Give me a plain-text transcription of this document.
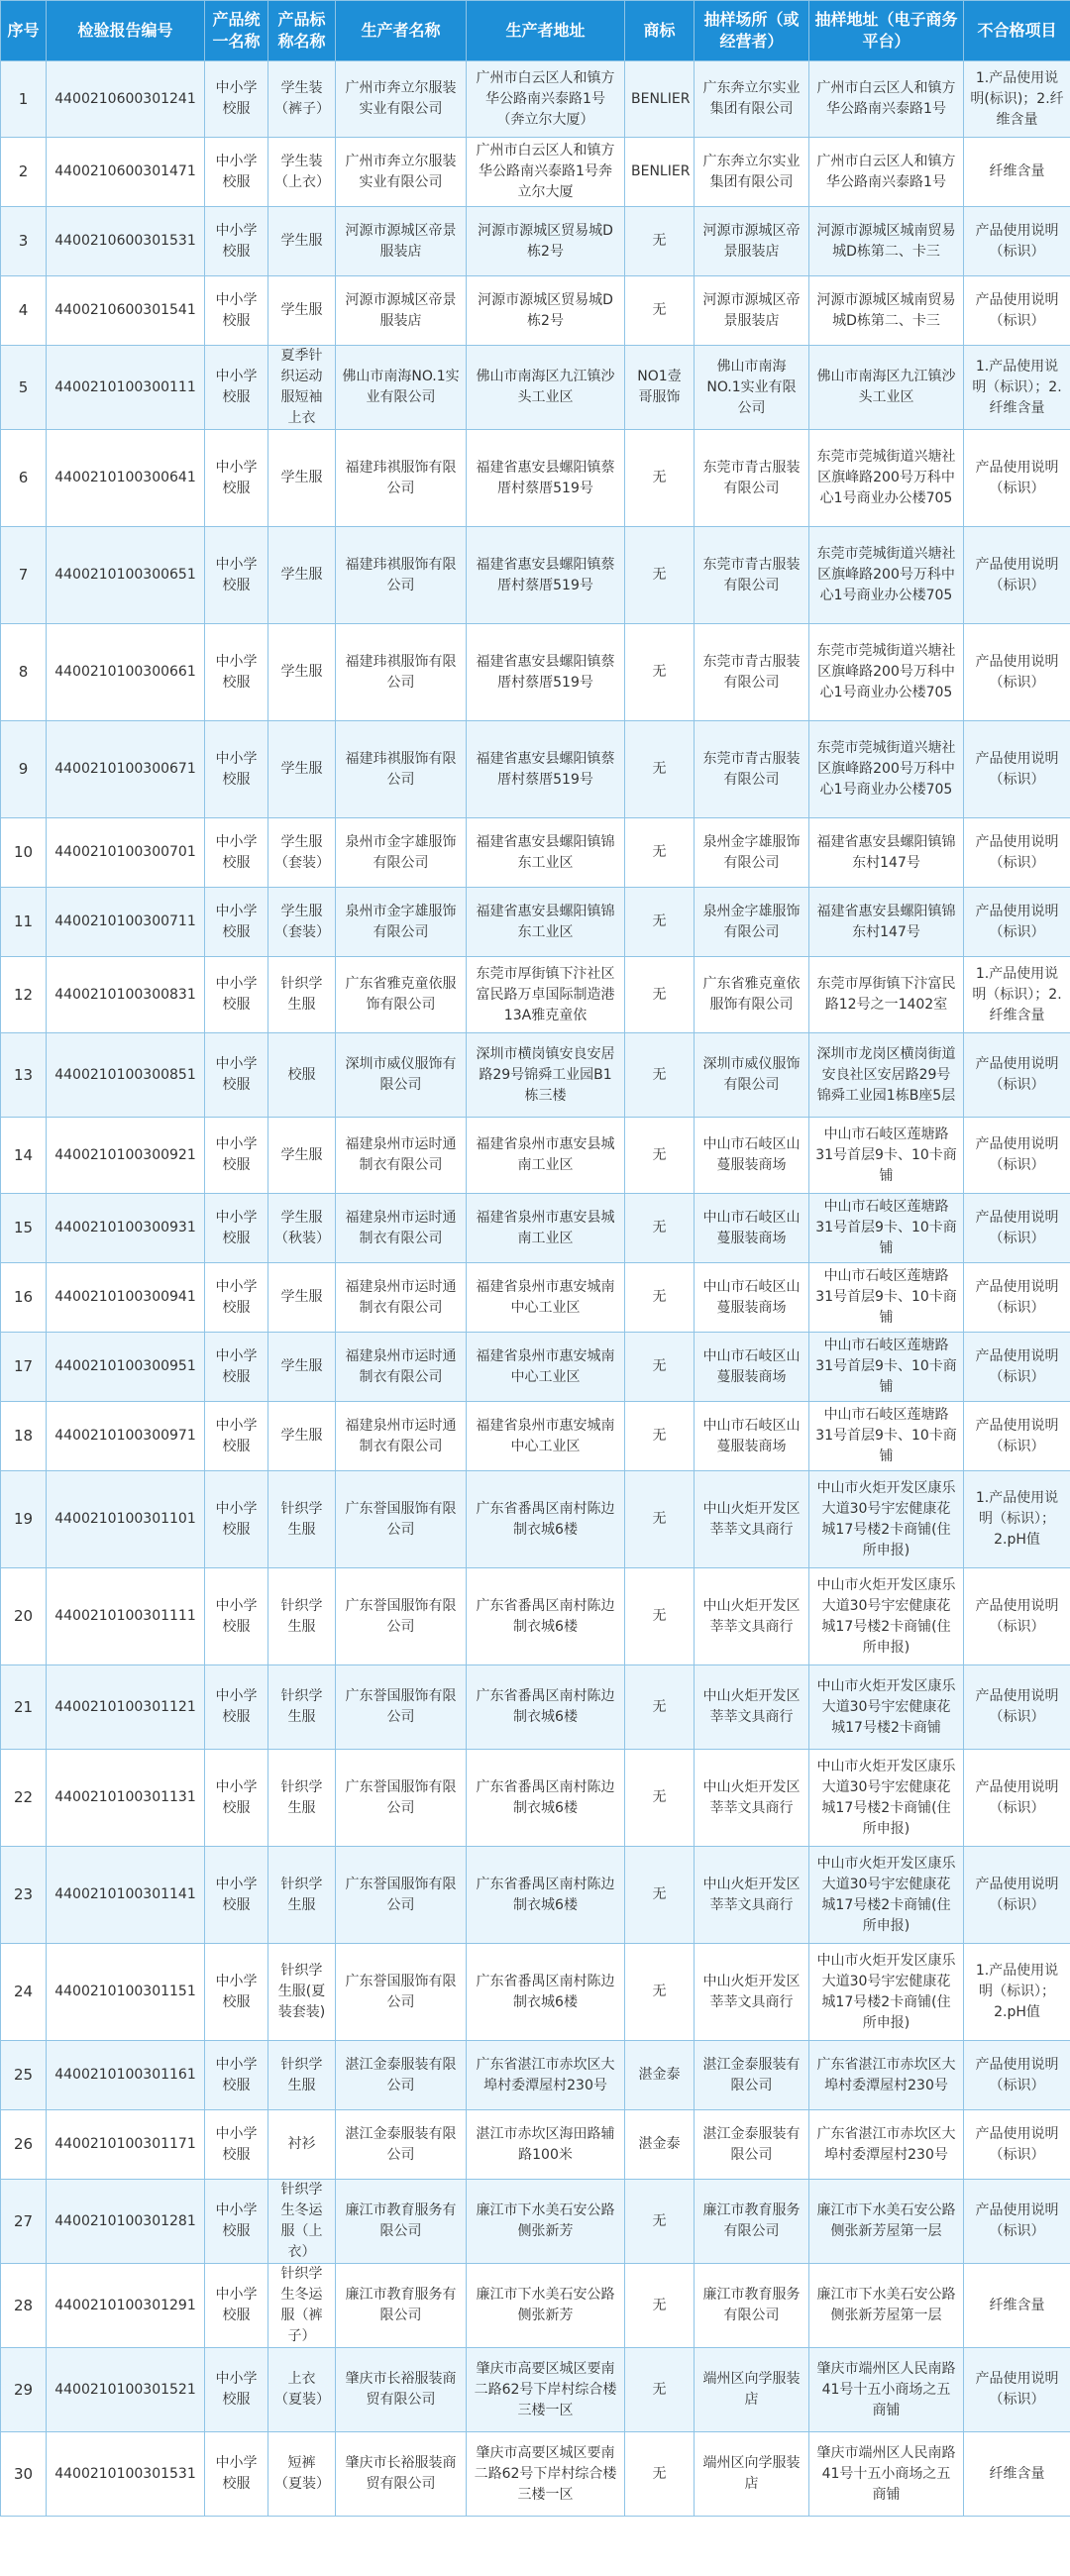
序号	检验报告编号	产品统一名称	产品标称名称	生产者名称	生产者地址	商标	抽样场所（或经营者）	抽样地址（电子商务平台）	不合格项目
1	4400210600301241	中小学校服	学生装（裤子）	广州市奔立尔服装实业有限公司	广州市白云区人和镇方华公路南兴泰路1号（奔立尔大厦）	BENLIER	广东奔立尔实业集团有限公司	广州市白云区人和镇方华公路南兴泰路1号	1.产品使用说明(标识)；2.纤维含量
2	4400210600301471	中小学校服	学生装（上衣）	广州市奔立尔服装实业有限公司	广州市白云区人和镇方华公路南兴泰路1号奔立尔大厦	BENLIER	广东奔立尔实业集团有限公司	广州市白云区人和镇方华公路南兴泰路1号	纤维含量
3	4400210600301531	中小学校服	学生服	河源市源城区帝景服装店	河源市源城区贸易城D栋2号	无	河源市源城区帝景服装店	河源市源城区城南贸易城D栋第二、卡三	产品使用说明（标识）
4	4400210600301541	中小学校服	学生服	河源市源城区帝景服装店	河源市源城区贸易城D栋2号	无	河源市源城区帝景服装店	河源市源城区城南贸易城D栋第二、卡三	产品使用说明（标识）
5	4400210100300111	中小学校服	夏季针织运动服短袖上衣	佛山市南海NO.1实业有限公司	佛山市南海区九江镇沙头工业区	NO1壹哥服饰	佛山市南海NO.1实业有限公司	佛山市南海区九江镇沙头工业区	1.产品使用说明（标识）；2.纤维含量
6	4400210100300641	中小学校服	学生服	福建玮祺服饰有限公司	福建省惠安县螺阳镇蔡厝村蔡厝519号	无	东莞市青古服装有限公司	东莞市莞城街道兴塘社区旗峰路200号万科中心1号商业办公楼705	产品使用说明（标识）
7	4400210100300651	中小学校服	学生服	福建玮祺服饰有限公司	福建省惠安县螺阳镇蔡厝村蔡厝519号	无	东莞市青古服装有限公司	东莞市莞城街道兴塘社区旗峰路200号万科中心1号商业办公楼705	产品使用说明（标识）
8	4400210100300661	中小学校服	学生服	福建玮祺服饰有限公司	福建省惠安县螺阳镇蔡厝村蔡厝519号	无	东莞市青古服装有限公司	东莞市莞城街道兴塘社区旗峰路200号万科中心1号商业办公楼705	产品使用说明（标识）
9	4400210100300671	中小学校服	学生服	福建玮祺服饰有限公司	福建省惠安县螺阳镇蔡厝村蔡厝519号	无	东莞市青古服装有限公司	东莞市莞城街道兴塘社区旗峰路200号万科中心1号商业办公楼705	产品使用说明（标识）
10	4400210100300701	中小学校服	学生服（套装）	泉州市金字雄服饰有限公司	福建省惠安县螺阳镇锦东工业区	无	泉州金字雄服饰有限公司	福建省惠安县螺阳镇锦东村147号	产品使用说明（标识）
11	4400210100300711	中小学校服	学生服（套装）	泉州市金字雄服饰有限公司	福建省惠安县螺阳镇锦东工业区	无	泉州金字雄服饰有限公司	福建省惠安县螺阳镇锦东村147号	产品使用说明（标识）
12	4400210100300831	中小学校服	针织学生服	广东省雅克童依服饰有限公司	东莞市厚街镇下汴社区富民路万卓国际制造港13A雅克童依	无	广东省雅克童依服饰有限公司	东莞市厚街镇下汴富民路12号之一1402室	1.产品使用说明（标识）；2.纤维含量
13	4400210100300851	中小学校服	校服	深圳市威仪服饰有限公司	深圳市横岗镇安良安居路29号锦舜工业园B1栋三楼	无	深圳市威仪服饰有限公司	深圳市龙岗区横岗街道安良社区安居路29号锦舜工业园1栋B座5层	产品使用说明（标识）
14	4400210100300921	中小学校服	学生服	福建泉州市运时通制衣有限公司	福建省泉州市惠安县城南工业区	无	中山市石岐区山蔓服装商场	中山市石岐区莲塘路31号首层9卡、10卡商铺	产品使用说明（标识）
15	4400210100300931	中小学校服	学生服（秋装）	福建泉州市运时通制衣有限公司	福建省泉州市惠安县城南工业区	无	中山市石岐区山蔓服装商场	中山市石岐区莲塘路31号首层9卡、10卡商铺	产品使用说明（标识）
16	4400210100300941	中小学校服	学生服	福建泉州市运时通制衣有限公司	福建省泉州市惠安城南中心工业区	无	中山市石岐区山蔓服装商场	中山市石岐区莲塘路31号首层9卡、10卡商铺	产品使用说明（标识）
17	4400210100300951	中小学校服	学生服	福建泉州市运时通制衣有限公司	福建省泉州市惠安城南中心工业区	无	中山市石岐区山蔓服装商场	中山市石岐区莲塘路31号首层9卡、10卡商铺	产品使用说明（标识）
18	4400210100300971	中小学校服	学生服	福建泉州市运时通制衣有限公司	福建省泉州市惠安城南中心工业区	无	中山市石岐区山蔓服装商场	中山市石岐区莲塘路31号首层9卡、10卡商铺	产品使用说明（标识）
19	4400210100301101	中小学校服	针织学生服	广东誉国服饰有限公司	广东省番禺区南村陈边制衣城6楼	无	中山火炬开发区莘莘文具商行	中山市火炬开发区康乐大道30号宇宏健康花城17号楼2卡商铺(住所申报)	1.产品使用说明（标识）；2.pH值
20	4400210100301111	中小学校服	针织学生服	广东誉国服饰有限公司	广东省番禺区南村陈边制衣城6楼	无	中山火炬开发区莘莘文具商行	中山市火炬开发区康乐大道30号宇宏健康花城17号楼2卡商铺(住所申报)	产品使用说明（标识）
21	4400210100301121	中小学校服	针织学生服	广东誉国服饰有限公司	广东省番禺区南村陈边制衣城6楼	无	中山火炬开发区莘莘文具商行	中山市火炬开发区康乐大道30号宇宏健康花城17号楼2卡商铺	产品使用说明（标识）
22	4400210100301131	中小学校服	针织学生服	广东誉国服饰有限公司	广东省番禺区南村陈边制衣城6楼	无	中山火炬开发区莘莘文具商行	中山市火炬开发区康乐大道30号宇宏健康花城17号楼2卡商铺(住所申报)	产品使用说明（标识）
23	4400210100301141	中小学校服	针织学生服	广东誉国服饰有限公司	广东省番禺区南村陈边制衣城6楼	无	中山火炬开发区莘莘文具商行	中山市火炬开发区康乐大道30号宇宏健康花城17号楼2卡商铺(住所申报)	产品使用说明（标识）
24	4400210100301151	中小学校服	针织学生服(夏装套装)	广东誉国服饰有限公司	广东省番禺区南村陈边制衣城6楼	无	中山火炬开发区莘莘文具商行	中山市火炬开发区康乐大道30号宇宏健康花城17号楼2卡商铺(住所申报)	1.产品使用说明（标识）；2.pH值
25	4400210100301161	中小学校服	针织学生服	湛江金泰服装有限公司	广东省湛江市赤坎区大埠村委潭屋村230号	湛金泰	湛江金泰服装有限公司	广东省湛江市赤坎区大埠村委潭屋村230号	产品使用说明（标识）
26	4400210100301171	中小学校服	衬衫	湛江金泰服装有限公司	湛江市赤坎区海田路辅路100米	湛金泰	湛江金泰服装有限公司	广东省湛江市赤坎区大埠村委潭屋村230号	产品使用说明（标识）
27	4400210100301281	中小学校服	针织学生冬运服（上衣）	廉江市教育服务有限公司	廉江市下水美石安公路侧张新芳	无	廉江市教育服务有限公司	廉江市下水美石安公路侧张新芳屋第一层	产品使用说明（标识）
28	4400210100301291	中小学校服	针织学生冬运服（裤子）	廉江市教育服务有限公司	廉江市下水美石安公路侧张新芳	无	廉江市教育服务有限公司	廉江市下水美石安公路侧张新芳屋第一层	纤维含量
29	4400210100301521	中小学校服	上衣（夏装）	肇庆市长裕服装商贸有限公司	肇庆市高要区城区要南二路62号下岸村综合楼三楼一区	无	端州区向学服装店	肇庆市端州区人民南路41号十五小商场之五商铺	产品使用说明（标识）
30	4400210100301531	中小学校服	短裤（夏装）	肇庆市长裕服装商贸有限公司	肇庆市高要区城区要南二路62号下岸村综合楼三楼一区	无	端州区向学服装店	肇庆市端州区人民南路41号十五小商场之五商铺	纤维含量
